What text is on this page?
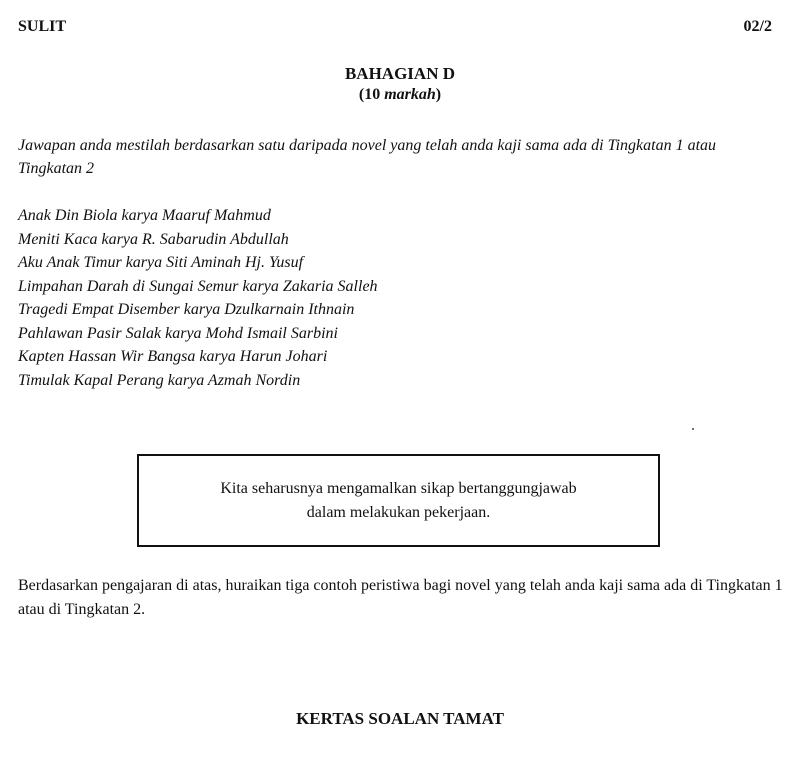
SULIT	02/2
BAHAGIAN D
(10 markah)
Jawapan anda mestilah berdasarkan satu daripada novel yang telah anda kaji sama ada di Tingkatan 1 atau Tingkatan 2
Anak Din Biola karya Maaruf Mahmud
Meniti Kaca karya R. Sabarudin Abdullah
Aku Anak Timur karya Siti Aminah Hj. Yusuf
Limpahan Darah di Sungai Semur karya Zakaria Salleh
Tragedi Empat Disember karya Dzulkarnain Ithnain
Pahlawan Pasir Salak karya Mohd Ismail Sarbini
Kapten Hassan Wir Bangsa karya Harun Johari
Timulak Kapal Perang karya Azmah Nordin
Kita seharusnya mengamalkan sikap bertanggungjawab dalam melakukan pekerjaan.
Berdasarkan pengajaran di atas, huraikan tiga contoh peristiwa bagi novel yang telah anda kaji sama ada di Tingkatan 1 atau di Tingkatan 2.
KERTAS SOALAN TAMAT
